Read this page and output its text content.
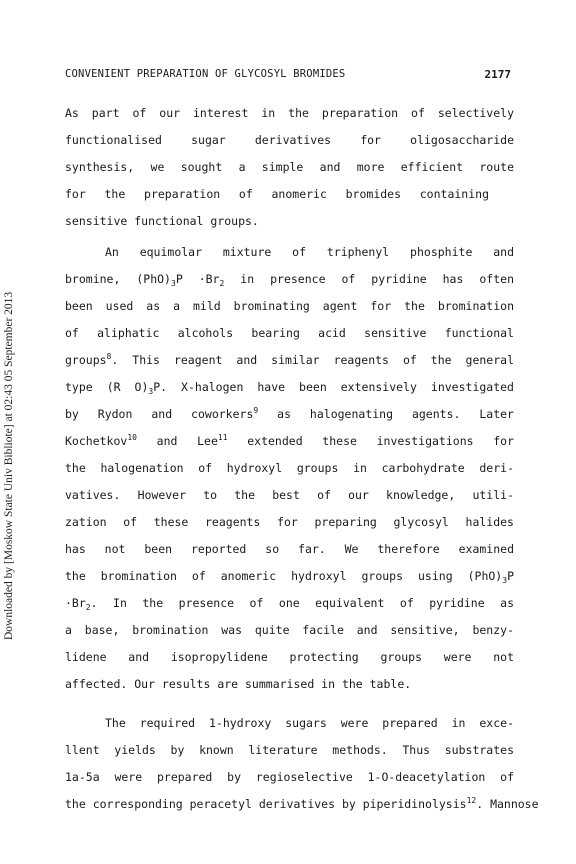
Downloaded by [Moskow State Univ Bibliote] at 02:43 05 September 2013
CONVENIENT PREPARATION OF GLYCOSYL BROMIDES	2177
As part of our interest in the preparation of selectively
functionalised sugar derivatives for oligosaccharide
synthesis, we sought a simple and more efficient route
for the preparation of anomeric bromides containing
sensitive functional groups.
An equimolar mixture of triphenyl phosphite and
bromine, $(PhO)_3P \cdot Br_2$ in presence of pyridine has often
been used as a mild brominating agent for the bromination
of aliphatic alcohols bearing acid sensitive functional
groups$^8$. This reagent and similar reagents of the general
type (R $O)_3P$. X-halogen have been extensively investigated
by Rydon and coworkers$^9$ as halogenating agents. Later
Kochetkov$^{10}$ and Lee$^{11}$ extended these investigations for
the halogenation of hydroxyl groups in carbohydrate deri-
vatives. However to the best of our knowledge, utili-
zation of these reagents for preparing glycosyl halides
has not been reported so far. We therefore examined
the bromination of anomeric hydroxyl groups using $(PhO)_3P$
$\cdot Br_2$. In the presence of one equivalent of pyridine as
a base, bromination was quite facile and sensitive, benzy-
lidene and isopropylidene protecting groups were not
affected. Our results are summarised in the table.
The required 1-hydroxy sugars were prepared in exce-
llent yields by known literature methods. Thus substrates
1a-5a were prepared by regioselective 1-O-deacetylation of
the corresponding peracetyl derivatives by piperidinolysis$^{12}$. Mannose
